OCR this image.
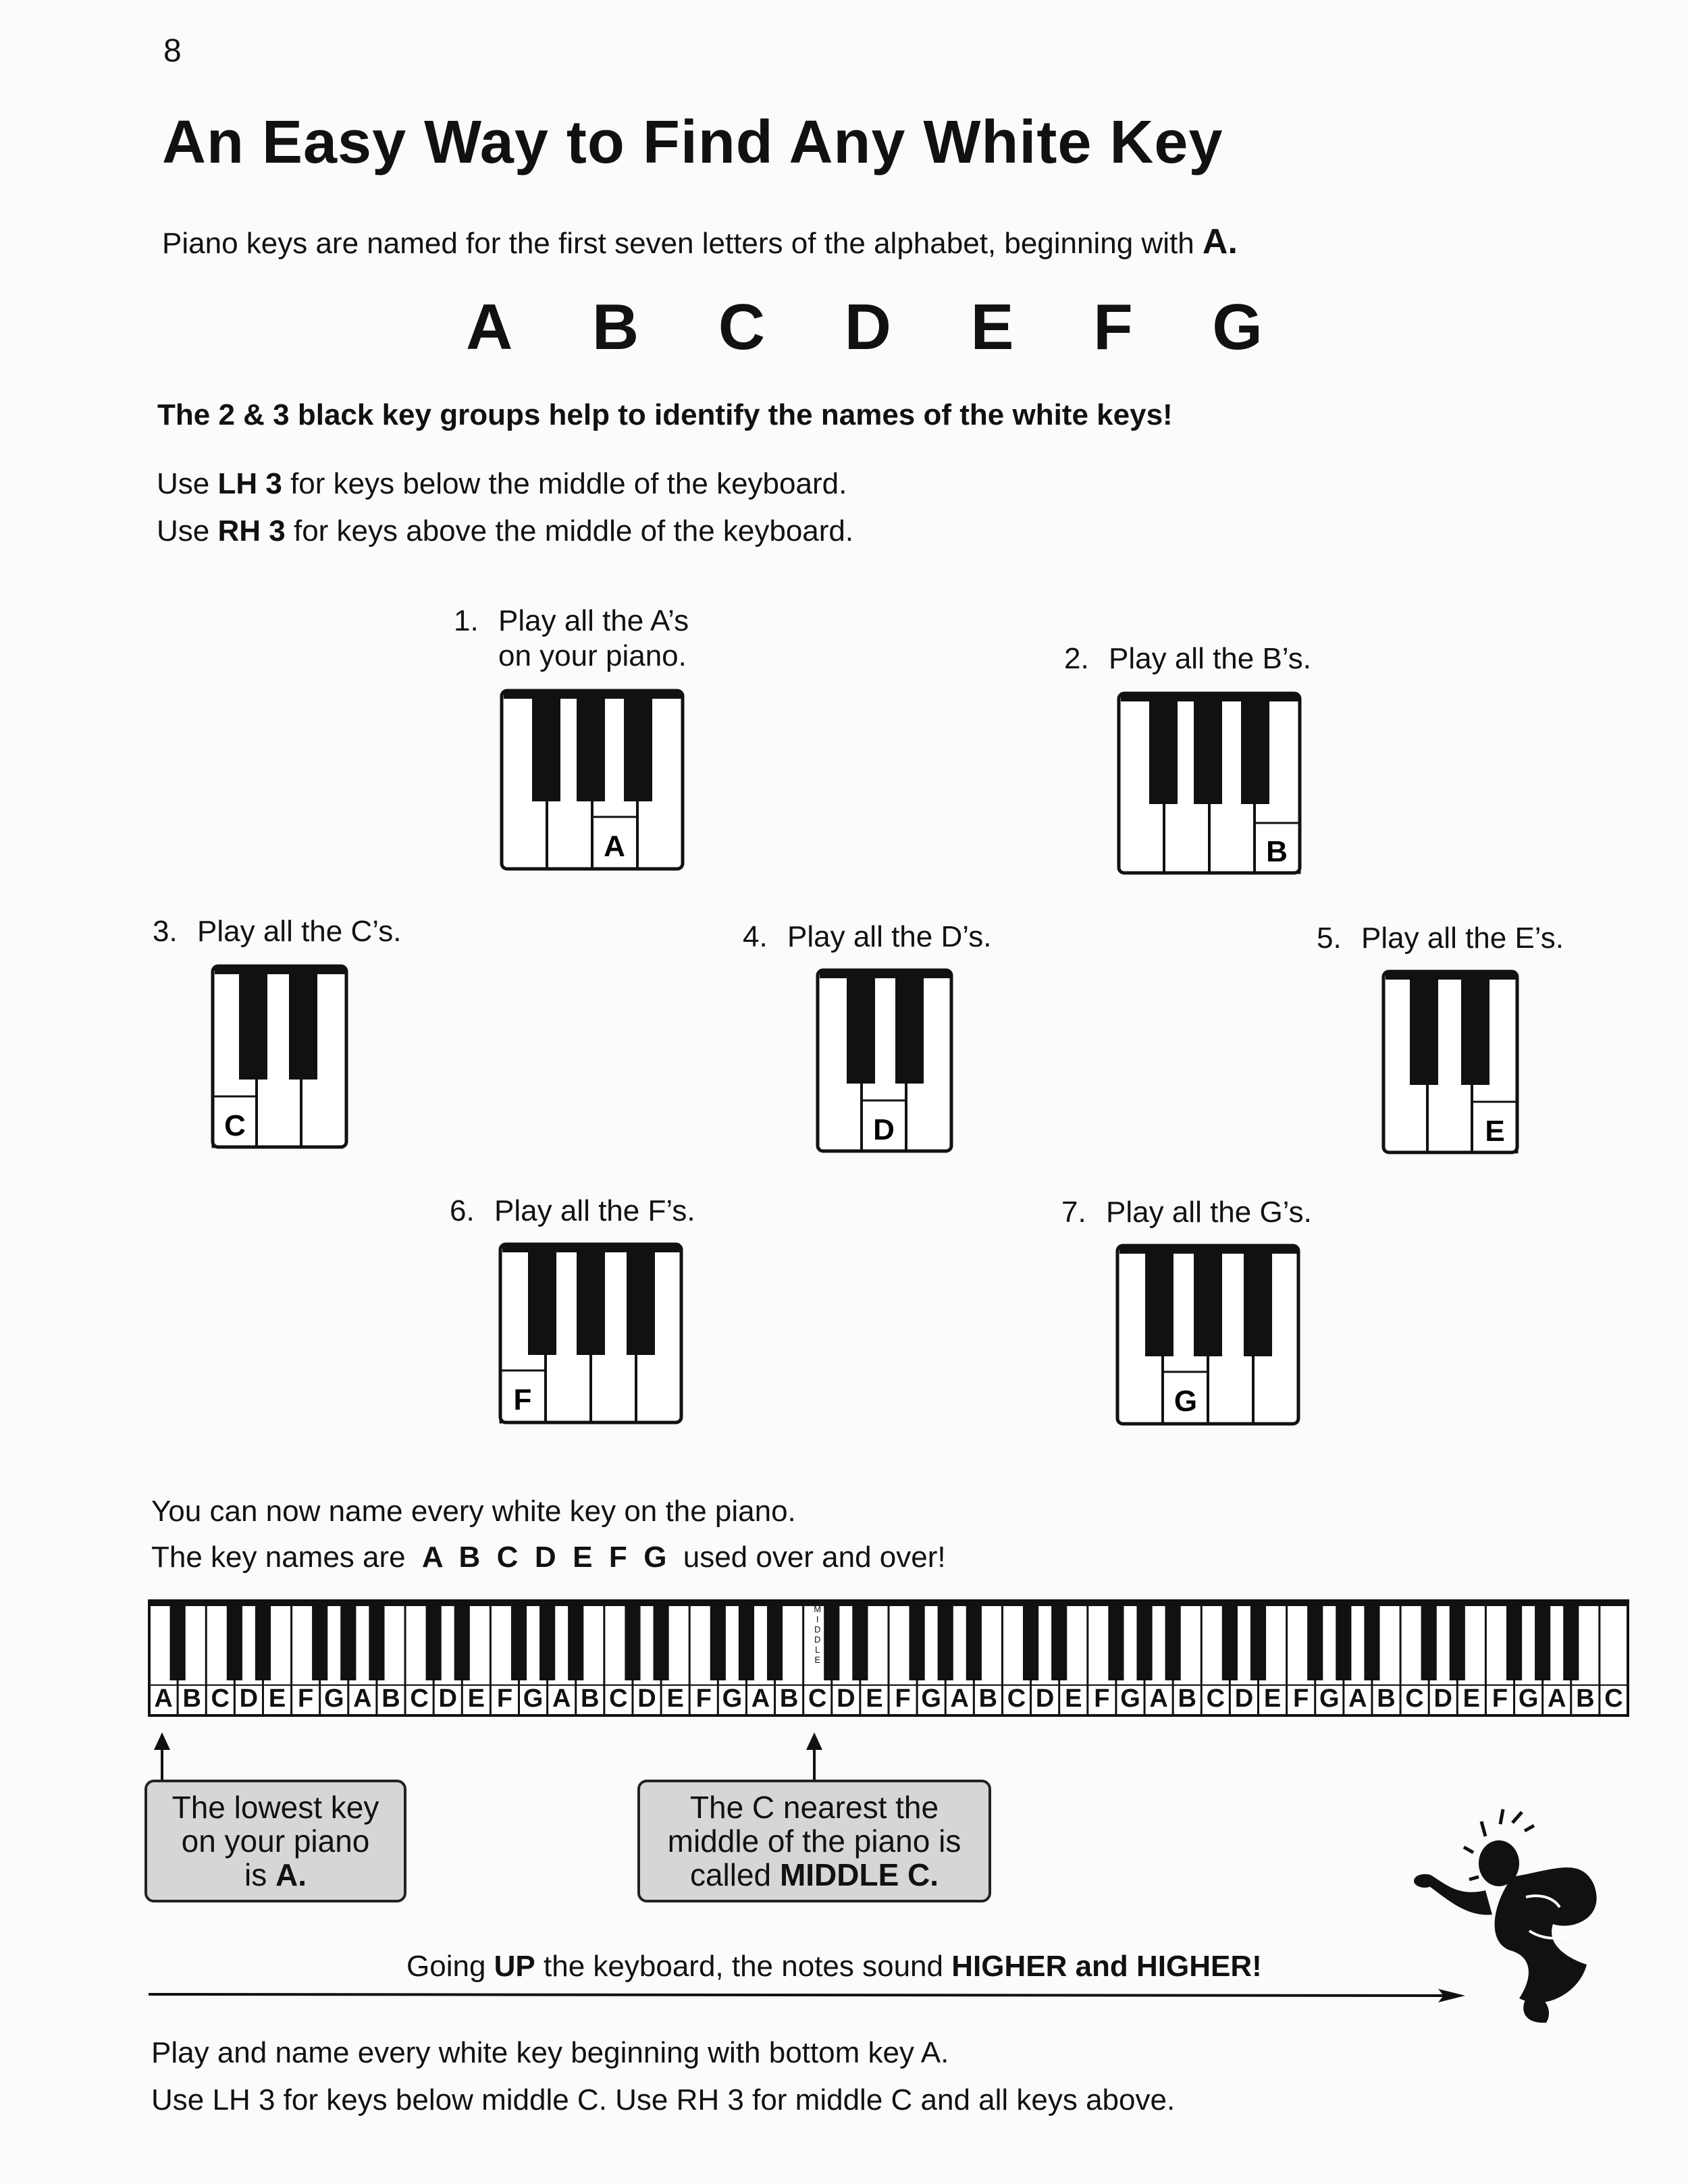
8
An Easy Way to Find Any White Key
Piano keys are named for the first seven letters of the alphabet, beginning with A.
A B C D E F G
The 2 & 3 black key groups help to identify the names of the white keys!
Use LH 3 for keys below the middle of the keyboard.
Use RH 3 for keys above the middle of the keyboard.
1. Play all the A’s
on your piano.
A
2. Play all the B’s.
B
3. Play all the C’s.
C
4. Play all the D’s.
D
5. Play all the E’s.
E
6. Play all the F’s.
F
7. Play all the G’s.
G
You can now name every white key on the piano.
The key names are A  B  C  D  E  F  G used over and over!
A B C D E F G A B C D E F G A B C D E F G A B C D E F G A B C D E F G A B C D E F G A B C D E F G A B C
M
I
D
D
L
E
The lowest key
on your piano
is A.
The C nearest the
middle of the piano is
called MIDDLE C.
Going UP the keyboard, the notes sound HIGHER and HIGHER!
Play and name every white key beginning with bottom key A.
Use LH 3 for keys below middle C. Use RH 3 for middle C and all keys above.
